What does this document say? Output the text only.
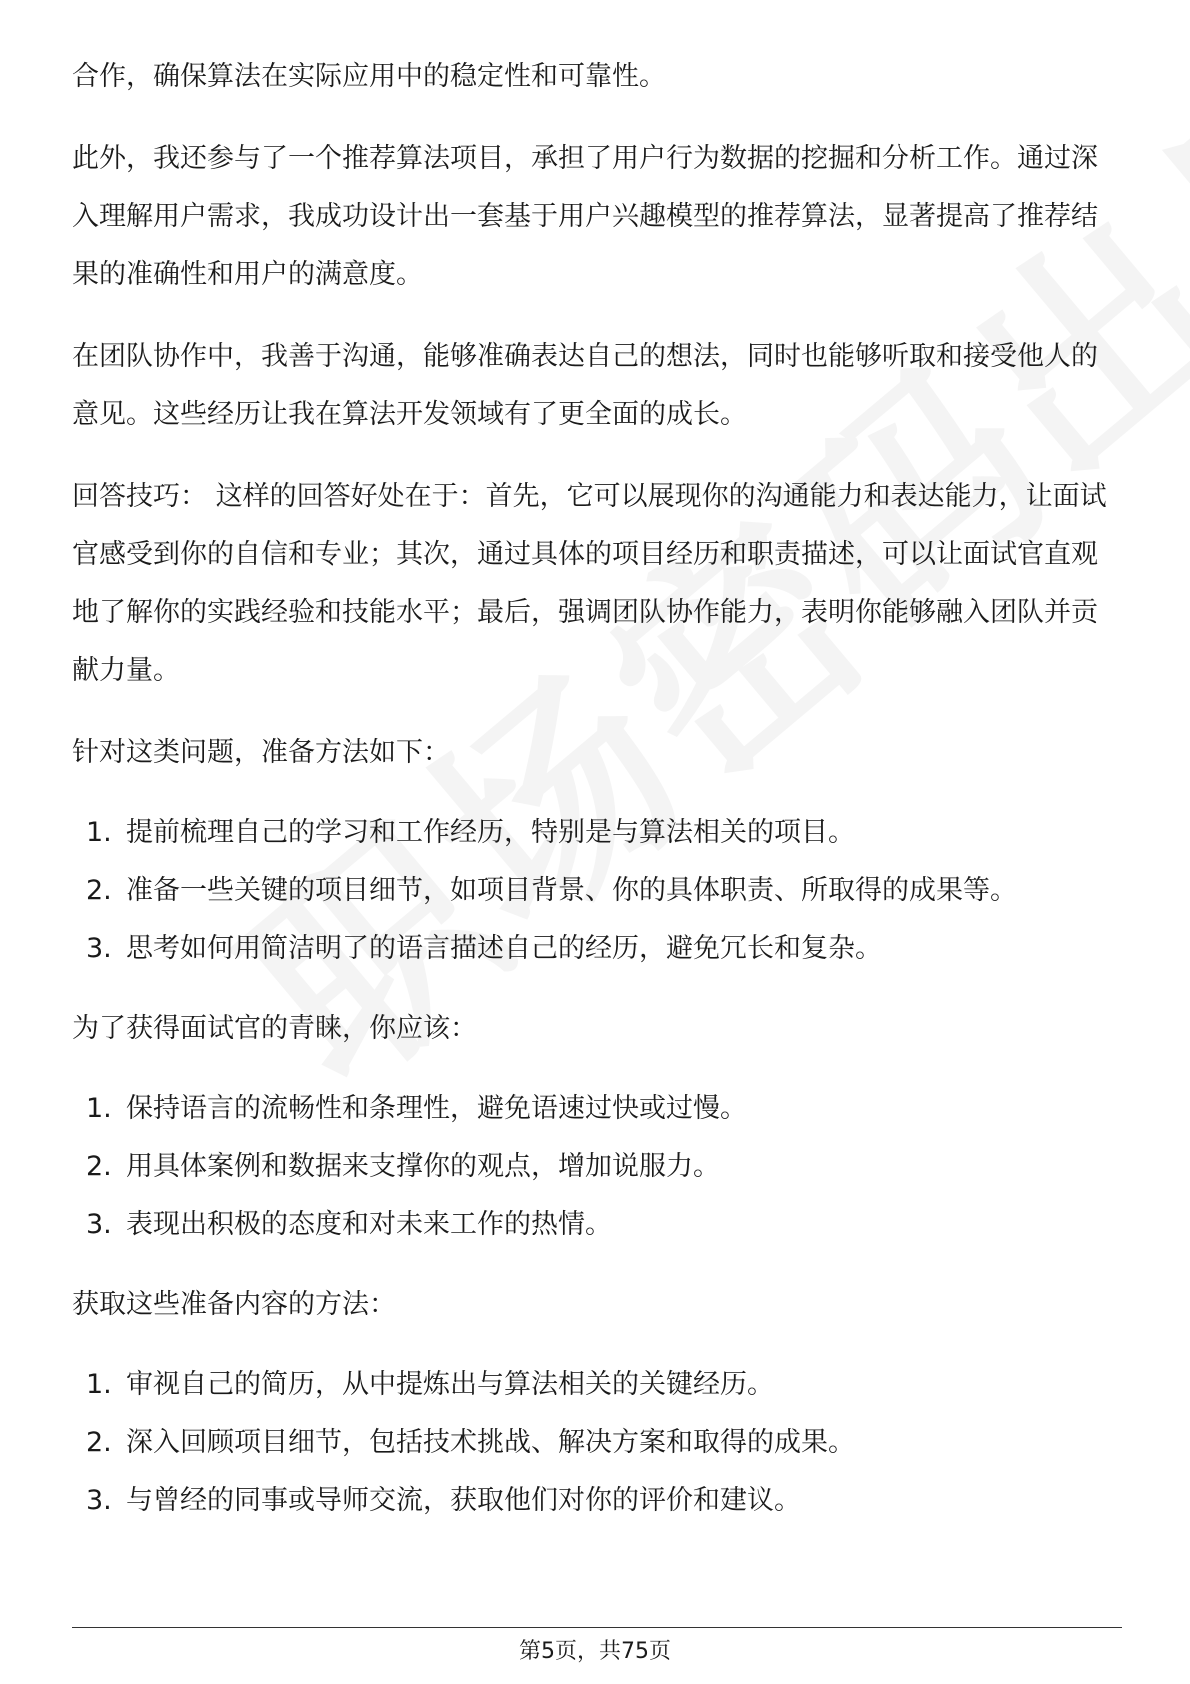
合作，确保算法在实际应用中的稳定性和可靠性。

此外，我还参与了一个推荐算法项目，承担了用户行为数据的挖掘和分析工作。通过深入理解用户需求，我成功设计出一套基于用户兴趣模型的推荐算法，显著提高了推荐结果的准确性和用户的满意度。

在团队协作中，我善于沟通，能够准确表达自己的想法，同时也能够听取和接受他人的意见。这些经历让我在算法开发领域有了更全面的成长。

回答技巧： 这样的回答好处在于：首先，它可以展现你的沟通能力和表达能力，让面试官感受到你的自信和专业；其次，通过具体的项目经历和职责描述，可以让面试官直观地了解你的实践经验和技能水平；最后，强调团队协作能力，表明你能够融入团队并贡献力量。

针对这类问题，准备方法如下：

1. 提前梳理自己的学习和工作经历，特别是与算法相关的项目。
2. 准备一些关键的项目细节，如项目背景、你的具体职责、所取得的成果等。
3. 思考如何用简洁明了的语言描述自己的经历，避免冗长和复杂。

为了获得面试官的青睐，你应该：

1. 保持语言的流畅性和条理性，避免语速过快或过慢。
2. 用具体案例和数据来支撑你的观点，增加说服力。
3. 表现出积极的态度和对未来工作的热情。

获取这些准备内容的方法：

1. 审视自己的简历，从中提炼出与算法相关的关键经历。
2. 深入回顾项目细节，包括技术挑战、解决方案和取得的成果。
3. 与曾经的同事或导师交流，获取他们对你的评价和建议。
第5页，共75页
